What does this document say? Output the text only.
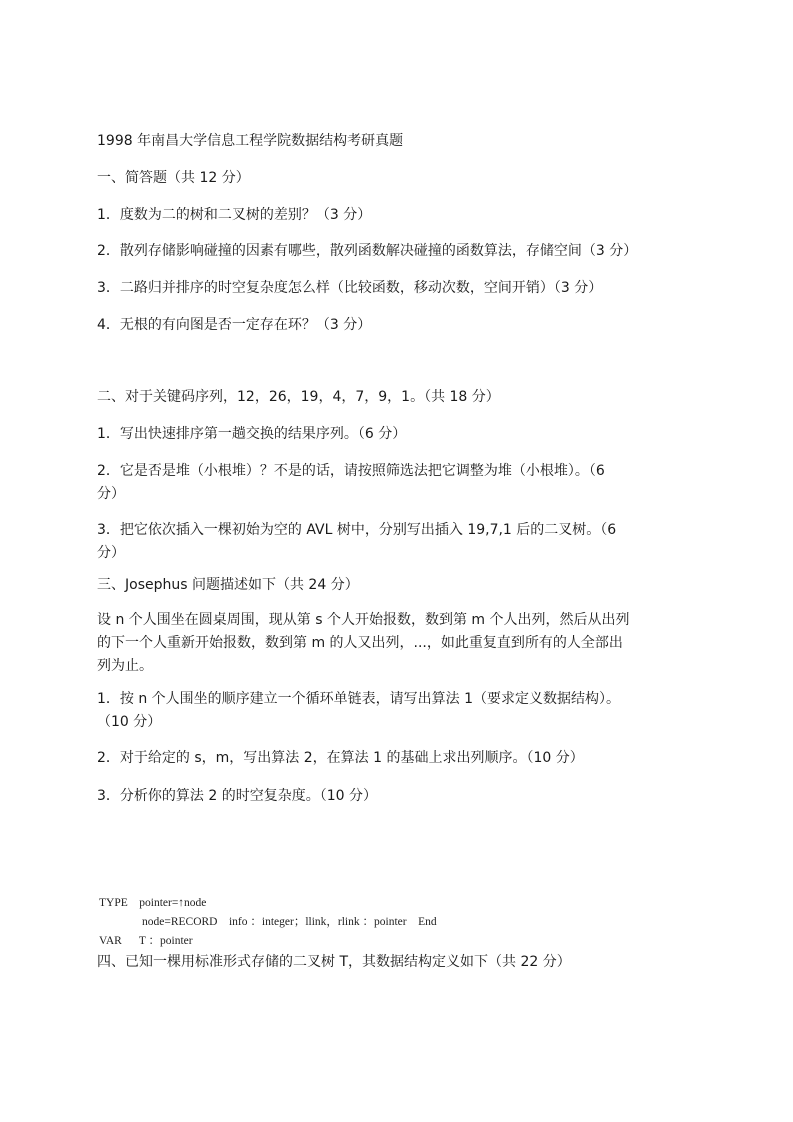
1998 年南昌大学信息工程学院数据结构考研真题
一、简答题（共 12 分）
1．度数为二的树和二叉树的差别？（3 分）
2．散列存储影响碰撞的因素有哪些，散列函数解决碰撞的函数算法，存储空间（3 分）
3．二路归并排序的时空复杂度怎么样（比较函数，移动次数，空间开销）（3 分）
4．无根的有向图是否一定存在环？（3 分）
二、对于关键码序列，12，26，19，4，7，9，1。（共 18 分）
1．写出快速排序第一趟交换的结果序列。（6 分）
2．它是否是堆（小根堆）？不是的话，请按照筛选法把它调整为堆（小根堆）。（6
分）
3．把它依次插入一棵初始为空的 AVL 树中，分别写出插入 19,7,1 后的二叉树。（6
分）
三、Josephus 问题描述如下（共 24 分）
设 n 个人围坐在圆桌周围，现从第 s 个人开始报数，数到第 m 个人出列，然后从出列
的下一个人重新开始报数，数到第 m 的人又出列，...，如此重复直到所有的人全部出
列为止。
1．按 n 个人围坐的顺序建立一个循环单链表，请写出算法 1（要求定义数据结构）。
（10 分）
2．对于给定的 s，m，写出算法 2，在算法 1 的基础上求出列顺序。（10 分）
3．分析你的算法 2 的时空复杂度。（10 分）
TYPE    pointer=↑node
node=RECORD    info ：integer；llink，rlink ：pointer    End
VAR      T ：pointer
四、已知一棵用标准形式存储的二叉树 T，其数据结构定义如下（共 22 分）
